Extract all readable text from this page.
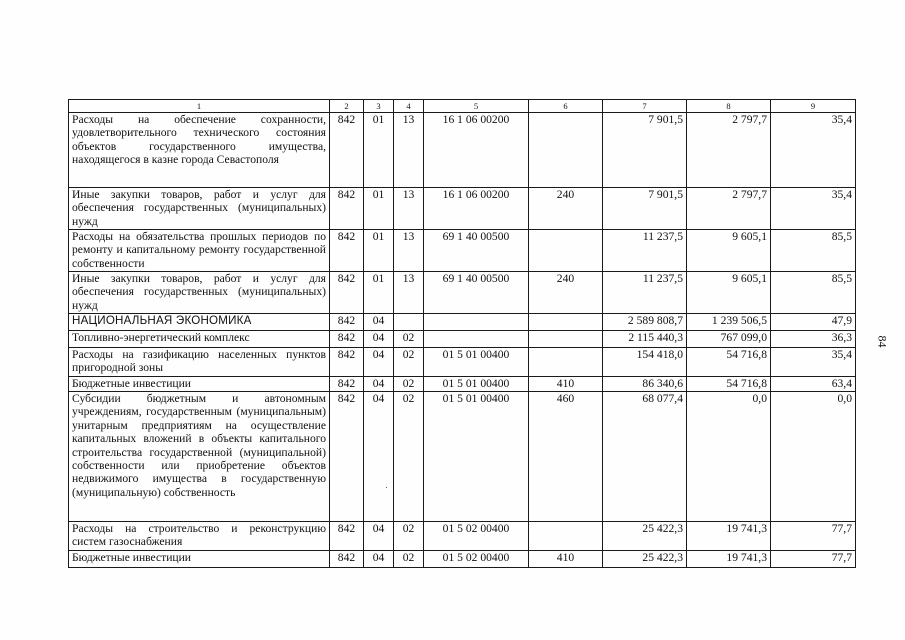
1	2	3	4	5	6	7	8	9
Расходы на обеспечение сохранности, удовлетворительного технического состояния объектов государственного имущества, находящегося в казне города Севастополя	842	01	13	16 1 06 00200		7 901,5	2 797,7	35,4
Иные закупки товаров, работ и услуг для обеспечения государственных (муниципальных) нужд	842	01	13	16 1 06 00200	240	7 901,5	2 797,7	35,4
Расходы на обязательства прошлых периодов по ремонту и капитальному ремонту государственной собственности	842	01	13	69 1 40 00500		11 237,5	9 605,1	85,5
Иные закупки товаров, работ и услуг для обеспечения государственных (муниципальных) нужд	842	01	13	69 1 40 00500	240	11 237,5	9 605,1	85,5
НАЦИОНАЛЬНАЯ ЭКОНОМИКА	842	04				2 589 808,7	1 239 506,5	47,9
Топливно-энергетический комплекс	842	04	02			2 115 440,3	767 099,0	36,3
Расходы на газификацию населенных пунктов пригородной зоны	842	04	02	01 5 01 00400		154 418,0	54 716,8	35,4
Бюджетные инвестиции	842	04	02	01 5 01 00400	410	86 340,6	54 716,8	63,4
Субсидии бюджетным и автономным учреждениям, государственным (муниципальным) унитарным предприятиям на осуществление капитальных вложений в объекты капитального строительства государственной (муниципальной) собственности или приобретение объектов недвижимого имущества в государственную (муниципальную) собственность	842	04	02	01 5 01 00400	460	68 077,4	0,0	0,0
Расходы на строительство и реконструкцию систем газоснабжения	842	04	02	01 5 02 00400		25 422,3	19 741,3	77,7
Бюджетные инвестиции	842	04	02	01 5 02 00400	410	25 422,3	19 741,3	77,7
84
